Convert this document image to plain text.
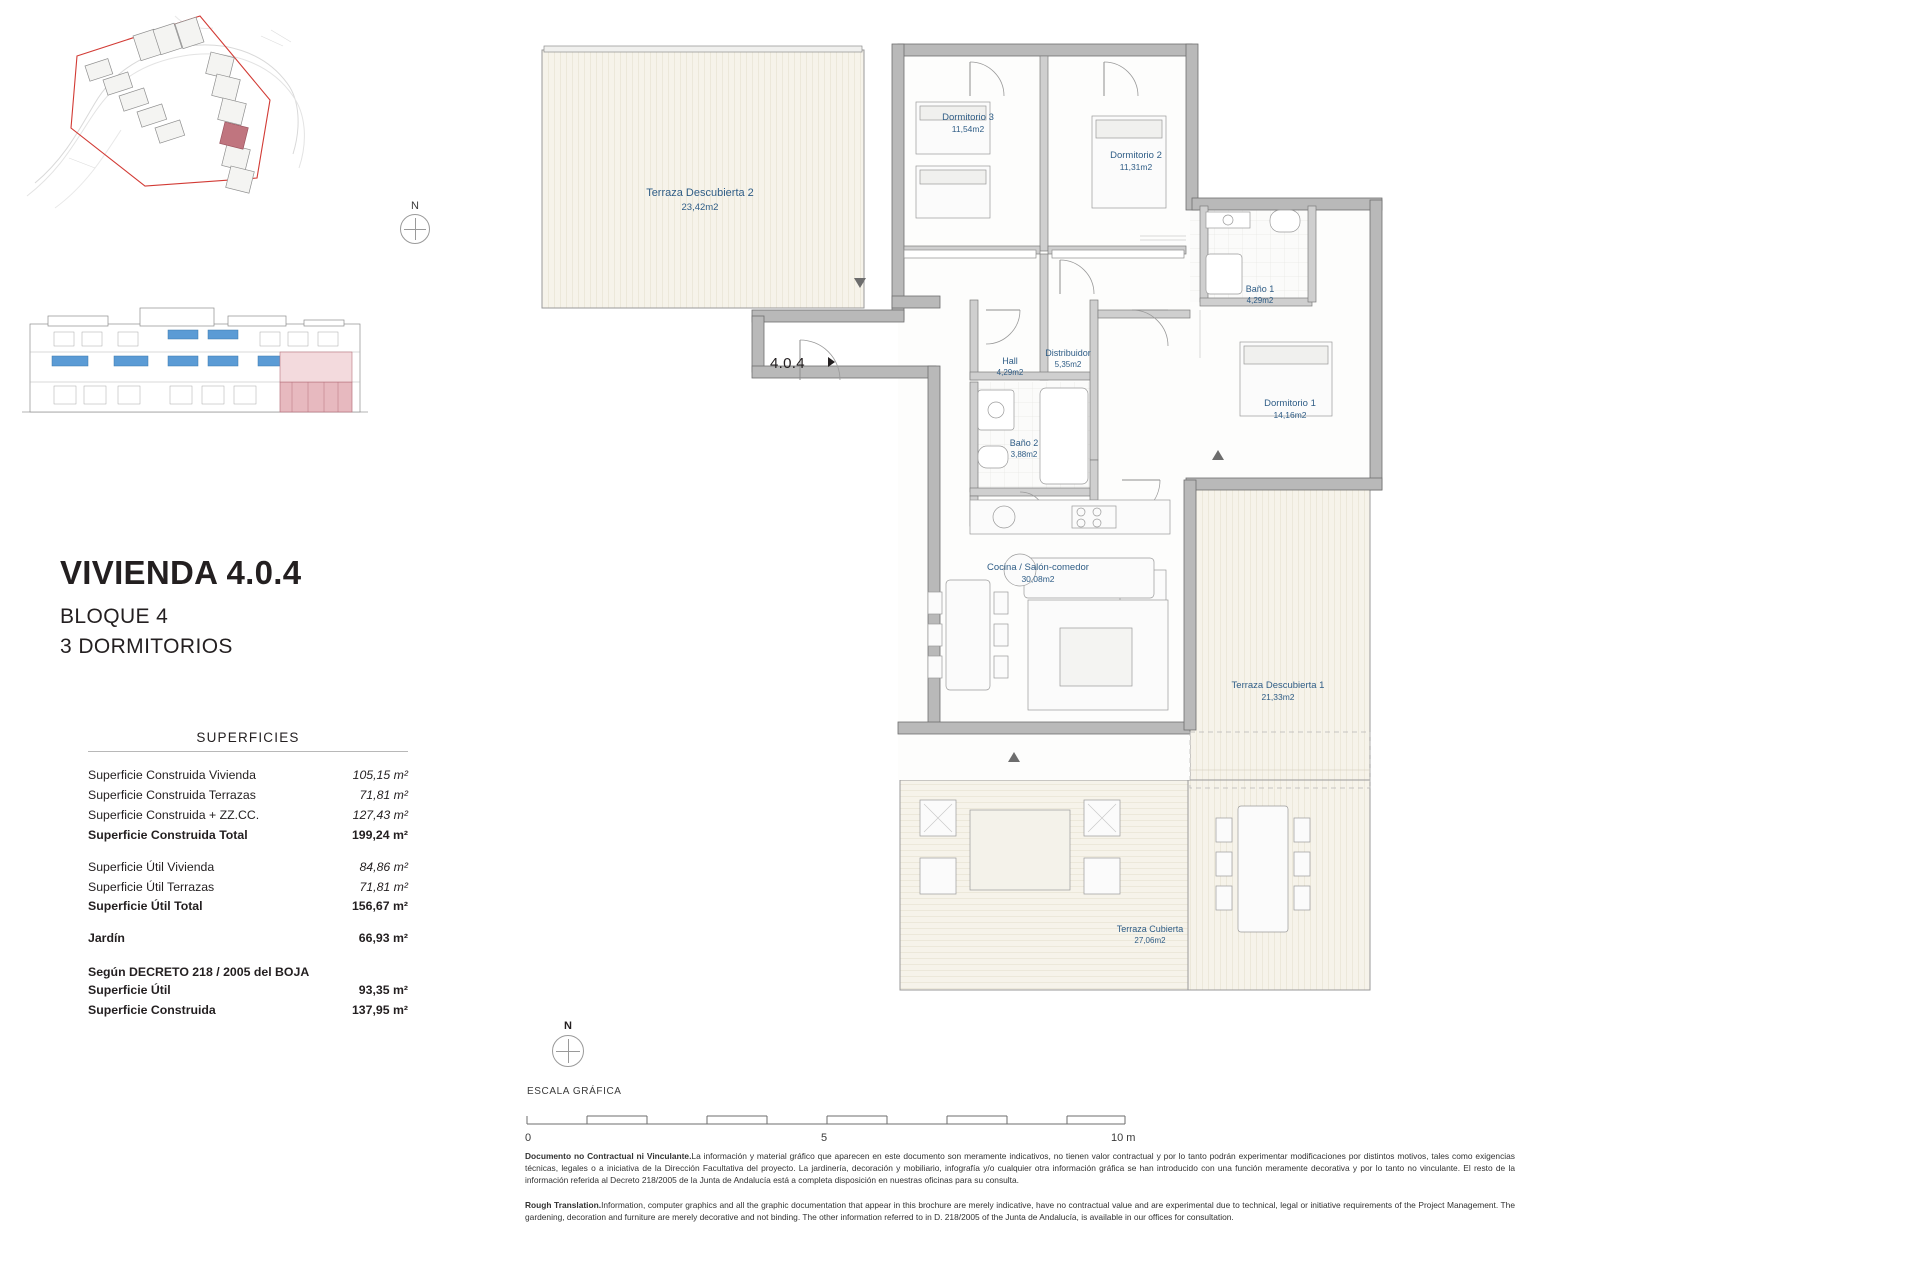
N
VIVIENDA 4.0.4
BLOQUE 4
3 DORMITORIOS
SUPERFICIES
Superficie Construida Vivienda	105,15 m²
Superficie Construida Terrazas	71,81 m²
Superficie Construida + ZZ.CC.	127,43 m²
Superficie Construida Total	199,24 m²
Superficie Útil Vivienda	84,86 m²
Superficie Útil Terrazas	71,81 m²
Superficie Útil Total	156,67 m²
Jardín	66,93 m²
Según DECRETO 218 / 2005 del BOJA
Superficie Útil	93,35 m²
Superficie Construida	137,95 m²
Terraza Descubierta 2
23,42m2
Dormitorio 3
11,54m2
Dormitorio 2
11,31m2
Baño 1
4,29m2
Distribuidor
5,35m2
Hall
4,29m2
Dormitorio 1
14,16m2
Baño 2
3,88m2
Cocina / Salón-comedor
30,08m2
Terraza Descubierta 1
21,33m2
Terraza Cubierta
27,06m2
4.0.4
N
ESCALA GRÁFICA
0	5	10 m
Documento no Contractual ni Vinculante.La información y material gráfico que aparecen en este documento son meramente indicativos, no tienen valor contractual y por lo tanto podrán experimentar modificaciones por distintos motivos, tales como exigencias técnicas, legales o a iniciativa de la Dirección Facultativa del proyecto. La jardinería, decoración y mobiliario, infografía y/o cualquier otra información gráfica se han introducido con una función meramente decorativa y por lo tanto no vinculante. El resto de la información referida al Decreto 218/2005 de la Junta de Andalucía está a completa disposición en nuestras oficinas para su consulta.
Rough Translation.Information, computer graphics and all the graphic documentation that appear in this brochure are merely indicative, have no contractual value and are experimental due to technical, legal or initiative requirements of the Project Management. The gardening, decoration and furniture are merely decorative and not binding. The other information referred to in D. 218/2005 of the Junta de Andalucía, is available in our offices for consultation.
